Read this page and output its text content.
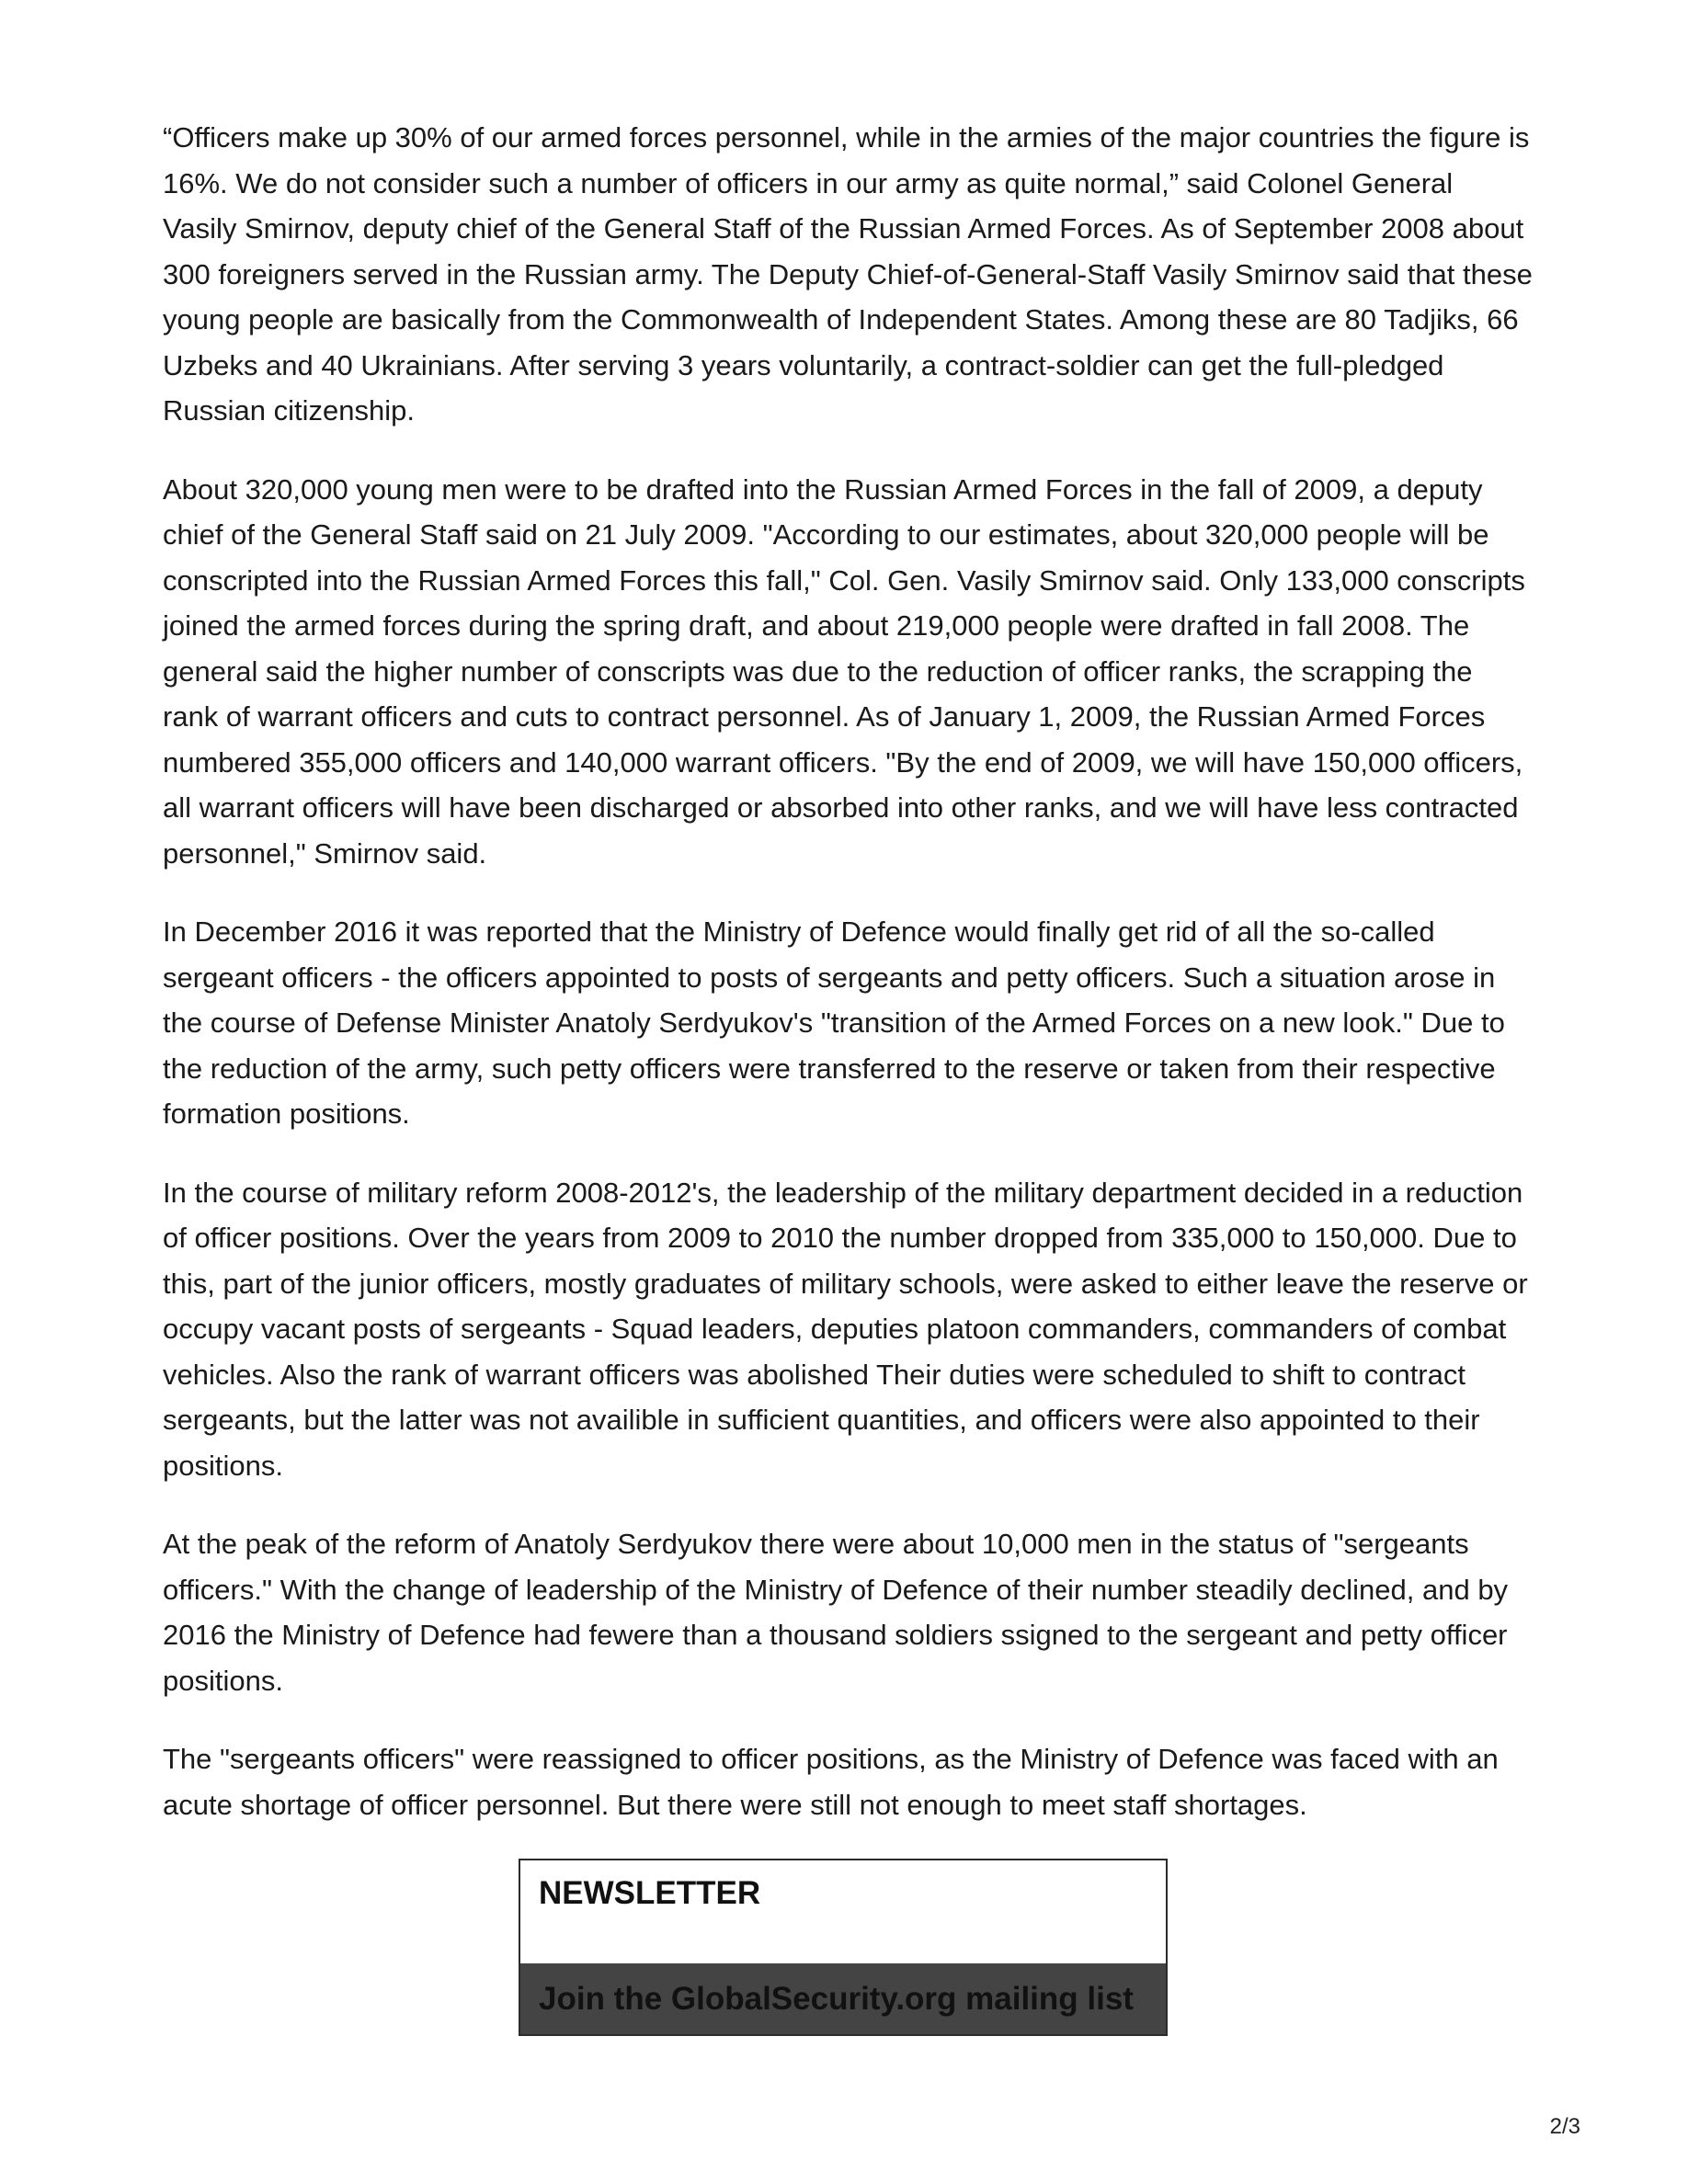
“Officers make up 30% of our armed forces personnel, while in the armies of the major countries the figure is 16%. We do not consider such a number of officers in our army as quite normal,” said Colonel General Vasily Smirnov, deputy chief of the General Staff of the Russian Armed Forces. As of September 2008 about 300 foreigners served in the Russian army. The Deputy Chief-of-General-Staff Vasily Smirnov said that these young people are basically from the Commonwealth of Independent States. Among these are 80 Tadjiks, 66 Uzbeks and 40 Ukrainians. After serving 3 years voluntarily, a contract-soldier can get the full-pledged Russian citizenship.

About 320,000 young men were to be drafted into the Russian Armed Forces in the fall of 2009, a deputy chief of the General Staff said on 21 July 2009. "According to our estimates, about 320,000 people will be conscripted into the Russian Armed Forces this fall," Col. Gen. Vasily Smirnov said. Only 133,000 conscripts joined the armed forces during the spring draft, and about 219,000 people were drafted in fall 2008. The general said the higher number of conscripts was due to the reduction of officer ranks, the scrapping the rank of warrant officers and cuts to contract personnel. As of January 1, 2009, the Russian Armed Forces numbered 355,000 officers and 140,000 warrant officers. "By the end of 2009, we will have 150,000 officers, all warrant officers will have been discharged or absorbed into other ranks, and we will have less contracted personnel," Smirnov said.

In December 2016 it was reported that the Ministry of Defence would finally get rid of all the so-called sergeant officers - the officers appointed to posts of sergeants and petty officers. Such a situation arose in the course of Defense Minister Anatoly Serdyukov's "transition of the Armed Forces on a new look." Due to the reduction of the army, such petty officers were transferred to the reserve or taken from their respective formation positions.

In the course of military reform 2008-2012's, the leadership of the military department decided in a reduction of officer positions. Over the years from 2009 to 2010 the number dropped from 335,000 to 150,000. Due to this, part of the junior officers, mostly graduates of military schools, were asked to either leave the reserve or occupy vacant posts of sergeants - Squad leaders, deputies platoon commanders, commanders of combat vehicles. Also the rank of warrant officers was abolished Their duties were scheduled to shift to contract sergeants, but the latter was not availible in sufficient quantities, and officers were also appointed to their positions.

At the peak of the reform of Anatoly Serdyukov there were about 10,000 men in the status of "sergeants officers." With the change of leadership of the Ministry of Defence of their number steadily declined, and by 2016 the Ministry of Defence had fewere than a thousand soldiers ssigned to the sergeant and petty officer positions.

The "sergeants officers" were reassigned to officer positions, as the Ministry of Defence was faced with an acute shortage of officer personnel. But there were still not enough to meet staff shortages.

NEWSLETTER
Join the GlobalSecurity.org mailing list
2/3
